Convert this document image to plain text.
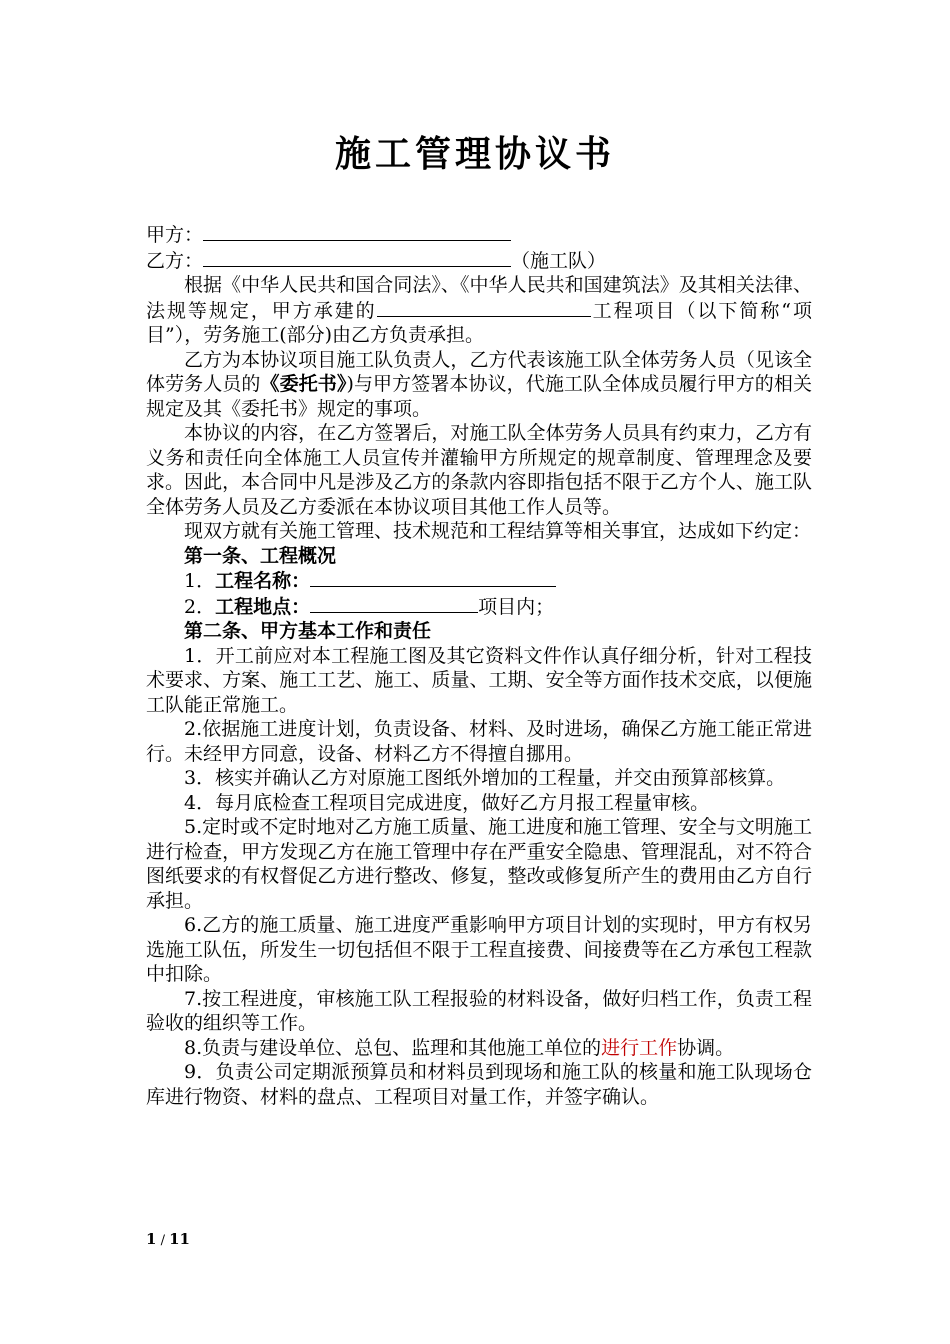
施工管理协议书

甲方：

乙方：	（施工队）

根据《中华人民共和国合同法》、《中华人民共和国建筑法》及其相关法律、法规等规定，甲方承建的	工程项目（以下简称“项目”），劳务施工(部分)由乙方负责承担。

乙方为本协议项目施工队负责人，乙方代表该施工队全体劳务人员（见该全体劳务人员的《委托书》)与甲方签署本协议，代施工队全体成员履行甲方的相关规定及其《委托书》规定的事项。

本协议的内容，在乙方签署后，对施工队全体劳务人员具有约束力，乙方有义务和责任向全体施工人员宣传并灌输甲方所规定的规章制度、管理理念及要求。因此，本合同中凡是涉及乙方的条款内容即指包括不限于乙方个人、施工队全体劳务人员及乙方委派在本协议项目其他工作人员等。

现双方就有关施工管理、技术规范和工程结算等相关事宜，达成如下约定：

第一条、工程概况

1．工程名称：

2．工程地点：	项目内；

第二条、甲方基本工作和责任

1．开工前应对本工程施工图及其它资料文件作认真仔细分析，针对工程技术要求、方案、施工工艺、施工、质量、工期、安全等方面作技术交底，以便施工队能正常施工。

2.依据施工进度计划，负责设备、材料、及时进场，确保乙方施工能正常进行。未经甲方同意，设备、材料乙方不得擅自挪用。

3．核实并确认乙方对原施工图纸外增加的工程量，并交由预算部核算。

4．每月底检查工程项目完成进度，做好乙方月报工程量审核。

5.定时或不定时地对乙方施工质量、施工进度和施工管理、安全与文明施工进行检查，甲方发现乙方在施工管理中存在严重安全隐患、管理混乱，对不符合图纸要求的有权督促乙方进行整改、修复，整改或修复所产生的费用由乙方自行承担。

6.乙方的施工质量、施工进度严重影响甲方项目计划的实现时，甲方有权另选施工队伍，所发生一切包括但不限于工程直接费、间接费等在乙方承包工程款中扣除。

7.按工程进度，审核施工队工程报验的材料设备，做好归档工作，负责工程验收的组织等工作。

8.负责与建设单位、总包、监理和其他施工单位的进行工作协调。

9．负责公司定期派预算员和材料员到现场和施工队的核量和施工队现场仓库进行物资、材料的盘点、工程项目对量工作，并签字确认。

1 / 11
